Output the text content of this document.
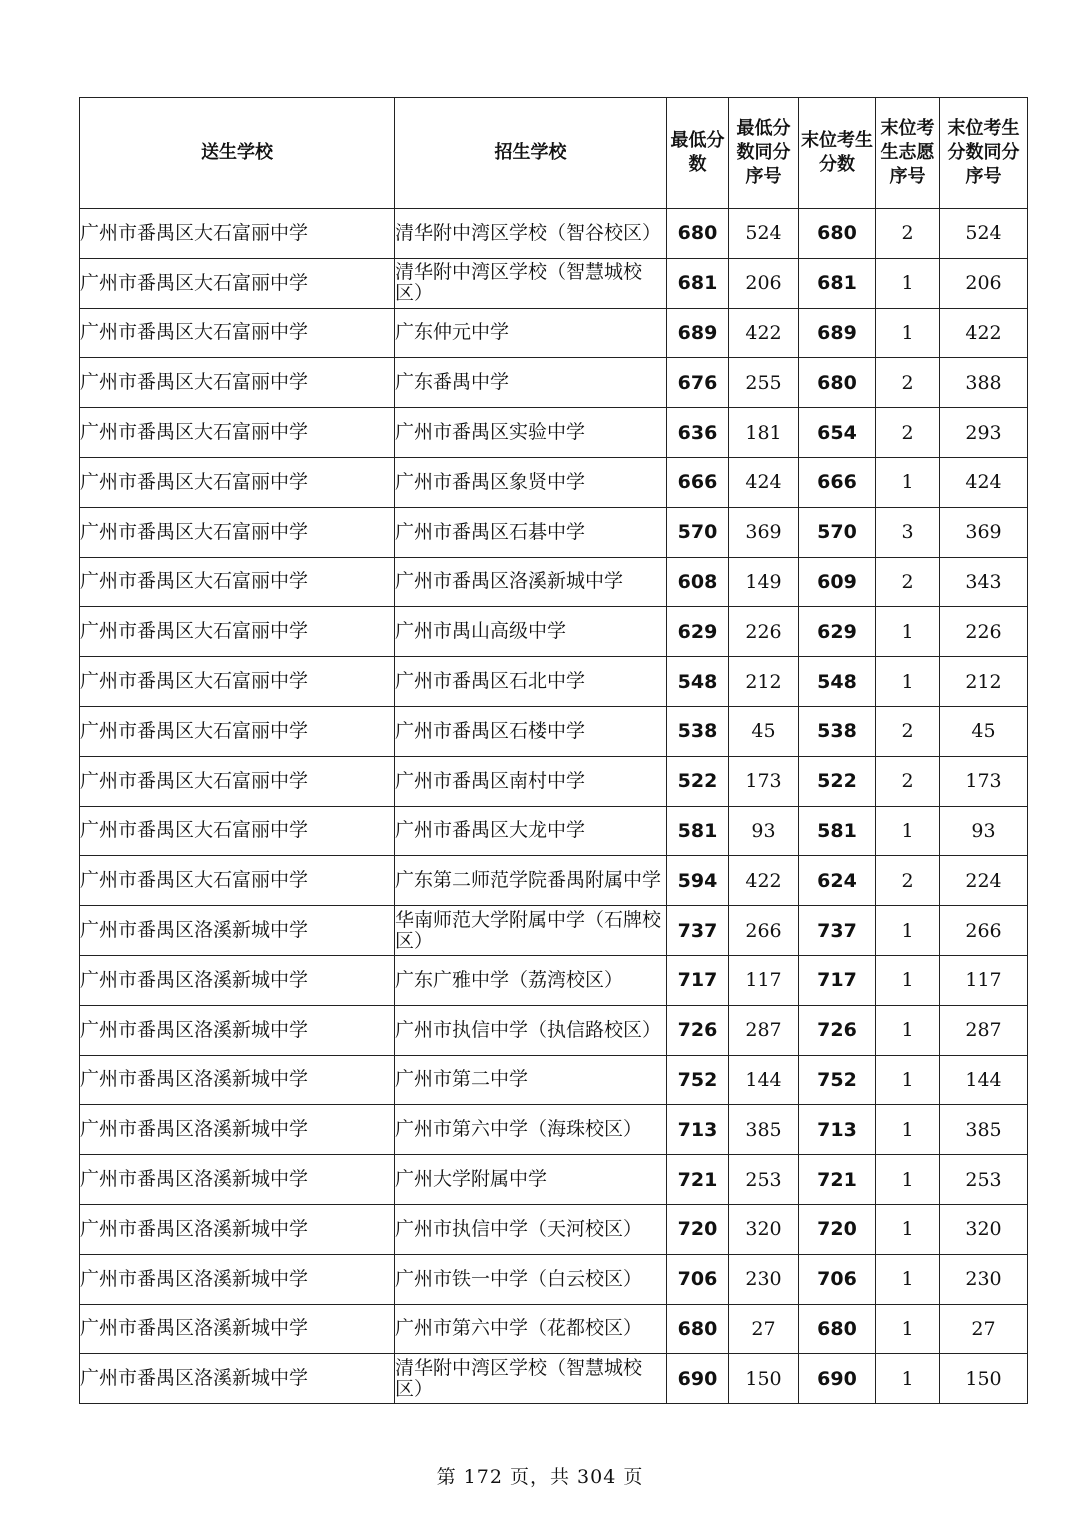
送生学校	招生学校	最低分数	最低分数同分序号	末位考生分数	末位考生志愿序号	末位考生分数同分序号
广州市番禺区大石富丽中学	清华附中湾区学校（智谷校区）	680	524	680	2	524
广州市番禺区大石富丽中学	清华附中湾区学校（智慧城校区）	681	206	681	1	206
广州市番禺区大石富丽中学	广东仲元中学	689	422	689	1	422
广州市番禺区大石富丽中学	广东番禺中学	676	255	680	2	388
广州市番禺区大石富丽中学	广州市番禺区实验中学	636	181	654	2	293
广州市番禺区大石富丽中学	广州市番禺区象贤中学	666	424	666	1	424
广州市番禺区大石富丽中学	广州市番禺区石碁中学	570	369	570	3	369
广州市番禺区大石富丽中学	广州市番禺区洛溪新城中学	608	149	609	2	343
广州市番禺区大石富丽中学	广州市禺山高级中学	629	226	629	1	226
广州市番禺区大石富丽中学	广州市番禺区石北中学	548	212	548	1	212
广州市番禺区大石富丽中学	广州市番禺区石楼中学	538	45	538	2	45
广州市番禺区大石富丽中学	广州市番禺区南村中学	522	173	522	2	173
广州市番禺区大石富丽中学	广州市番禺区大龙中学	581	93	581	1	93
广州市番禺区大石富丽中学	广东第二师范学院番禺附属中学	594	422	624	2	224
广州市番禺区洛溪新城中学	华南师范大学附属中学（石牌校区）	737	266	737	1	266
广州市番禺区洛溪新城中学	广东广雅中学（荔湾校区）	717	117	717	1	117
广州市番禺区洛溪新城中学	广州市执信中学（执信路校区）	726	287	726	1	287
广州市番禺区洛溪新城中学	广州市第二中学	752	144	752	1	144
广州市番禺区洛溪新城中学	广州市第六中学（海珠校区）	713	385	713	1	385
广州市番禺区洛溪新城中学	广州大学附属中学	721	253	721	1	253
广州市番禺区洛溪新城中学	广州市执信中学（天河校区）	720	320	720	1	320
广州市番禺区洛溪新城中学	广州市铁一中学（白云校区）	706	230	706	1	230
广州市番禺区洛溪新城中学	广州市第六中学（花都校区）	680	27	680	1	27
广州市番禺区洛溪新城中学	清华附中湾区学校（智慧城校区）	690	150	690	1	150
第 172 页，共 304 页
